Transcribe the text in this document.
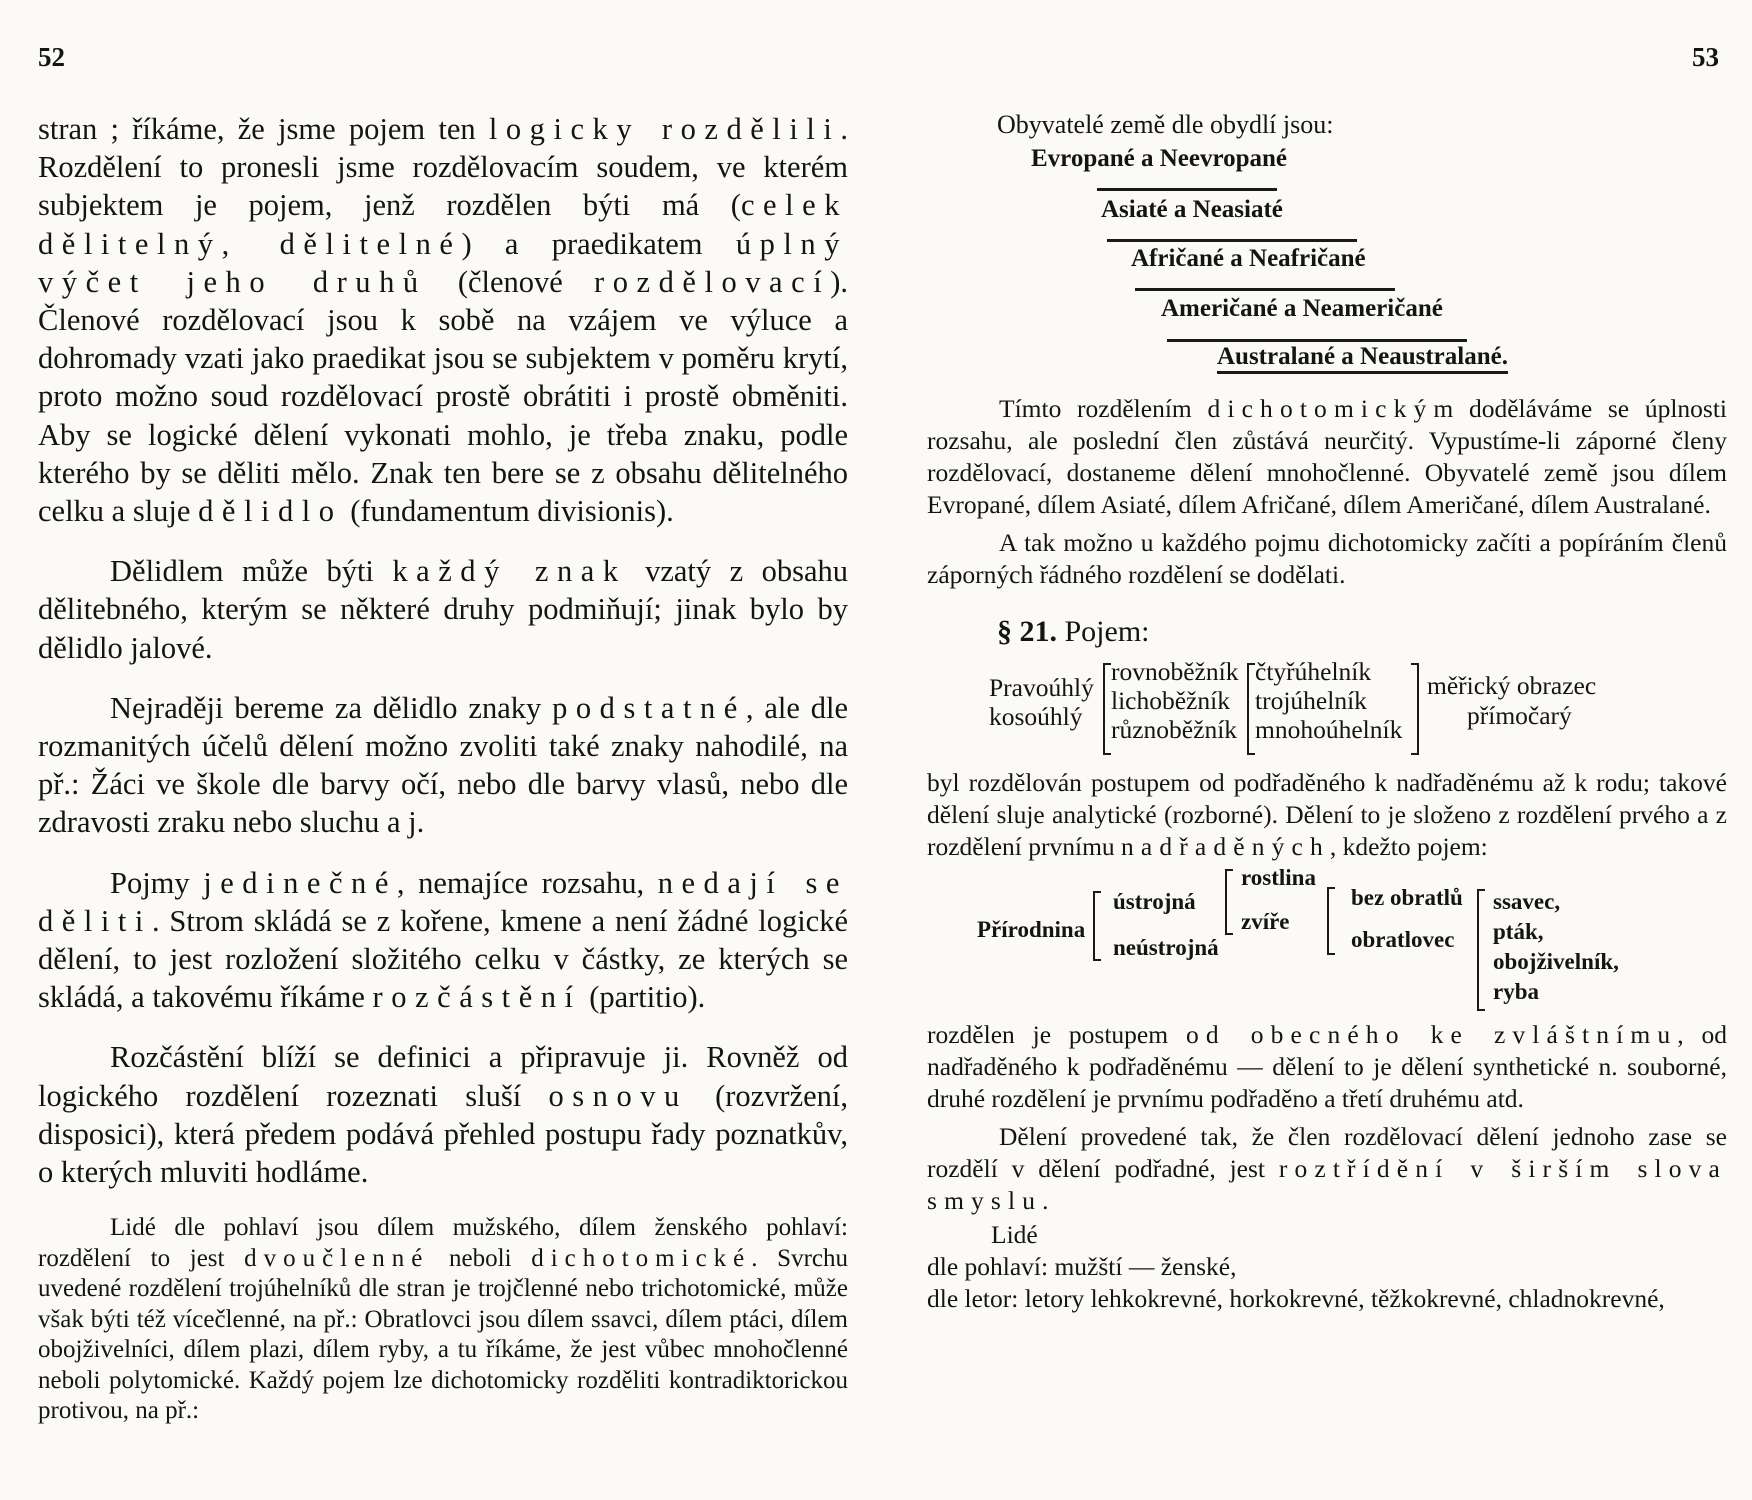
52	53

stran ; říkáme, že jsme pojem ten logicky rozdělili. Rozdělení to pronesli jsme rozdělovacím soudem, ve kterém subjektem je pojem, jenž rozdělen býti má (celek dělitelný, dělitelné) a praedikatem úplný výčet jeho druhů (členové rozdělovací). Členové rozdělovací jsou k sobě na vzájem ve výluce a dohromady vzati jako praedikat jsou se subjektem v poměru krytí, proto možno soud rozdělovací prostě obrátiti i prostě obměniti. Aby se logické dělení vykonati mohlo, je třeba znaku, podle kterého by se děliti mělo. Znak ten bere se z obsahu dělitelného celku a sluje dělidlo (fundamentum divisionis).

Dělidlem může býti každý znak vzatý z obsahu dělitebného, kterým se některé druhy podmiňují; jinak bylo by dělidlo jalové.

Nejraději bereme za dělidlo znaky podstatné, ale dle rozmanitých účelů dělení možno zvoliti také znaky nahodilé, na př.: Žáci ve škole dle barvy očí, nebo dle barvy vlasů, nebo dle zdravosti zraku nebo sluchu a j.

Pojmy jedinečné, nemajíce rozsahu, nedají se děliti. Strom skládá se z kořene, kmene a není žádné logické dělení, to jest rozložení složitého celku v částky, ze kterých se skládá, a takovému říkáme rozčástění (partitio).

Rozčástění blíží se definici a připravuje ji. Rovněž od logického rozdělení rozeznati sluší osnovu (rozvržení, disposici), která předem podává přehled postupu řady poznatkův, o kterých mluviti hodláme.

Lidé dle pohlaví jsou dílem mužského, dílem ženského pohlaví: rozdělení to jest dvoučlenné neboli dichotomické. Svrchu uvedené rozdělení trojúhelníků dle stran je trojčlenné nebo trichotomické, může však býti též vícečlenné, na př.: Obratlovci jsou dílem ssavci, dílem ptáci, dílem obojživelníci, dílem plazi, dílem ryby, a tu říkáme, že jest vůbec mnohočlenné neboli polytomické. Každý pojem lze dichotomicky rozděliti kontradiktorickou protivou, na př.:

Obyvatelé země dle obydlí jsou:

Evropané a Neevropané
Asiaté a Neasiaté
Afričané a Neafričané
Američané a Neameričané
Australané a Neaustralané.

Tímto rozdělením dichotomickým doděláváme se úplnosti rozsahu, ale poslední člen zůstává neurčitý. Vypustíme-li záporné členy rozdělovací, dostaneme dělení mnohočlenné. Obyvatelé země jsou dílem Evropané, dílem Asiaté, dílem Afričané, dílem Američané, dílem Australané.

A tak možno u každého pojmu dichotomicky začíti a popíráním členů záporných řádného rozdělení se dodělati.

§ 21. Pojem:
Pravoúhlý
kosoúhlý
rovnoběžník
lichoběžník
různoběžník
čtyřúhelník
trojúhelník
mnohoúhelník
měřický obrazec
přímočarý

byl rozdělován postupem od podřaděného k nadřaděnému až k rodu; takové dělení sluje analytické (rozborné). Dělení to je složeno z rozdělení prvého a z rozdělení prvnímu nadřaděných, kdežto pojem:

Přírodnina
ústrojná
neústrojná
rostlina
zvíře
bez obratlů
obratlovec
ssavec,
pták,
obojživelník,
ryba

rozdělen je postupem od obecného ke zvláštnímu, od nadřaděného k podřaděnému — dělení to je dělení synthetické n. souborné, druhé rozdělení je prvnímu podřaděno a třetí druhému atd.

Dělení provedené tak, že člen rozdělovací dělení jednoho zase se rozdělí v dělení podřadné, jest roztřídění v širším slova smyslu.

Lidé

dle pohlaví: mužští — ženské,

dle letor: letory lehkokrevné, horkokrevné, těžkokrevné, chladnokrevné,
